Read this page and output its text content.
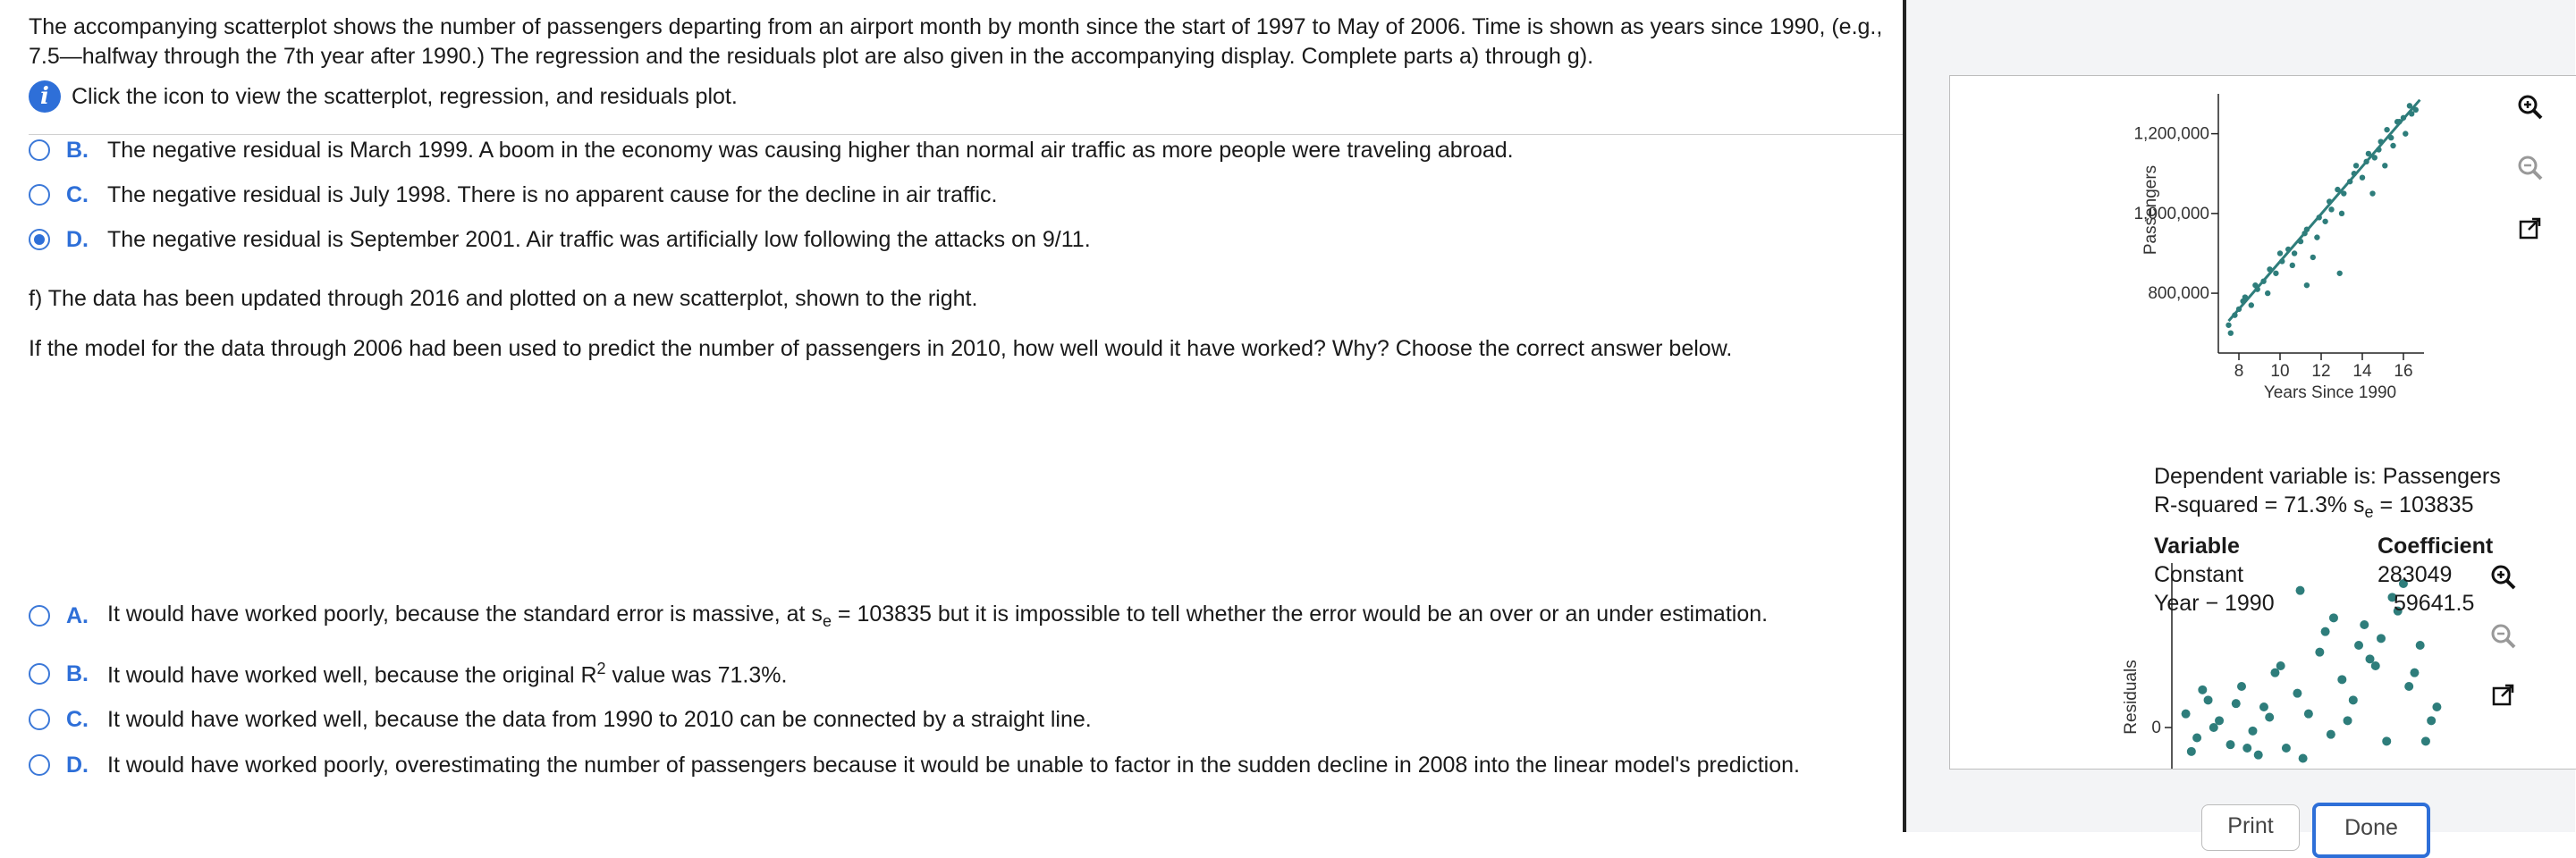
The accompanying scatterplot shows the number of passengers departing from an airport month by month since the start of 1997 to May of 2006. Time is shown as years since 1990, (e.g., 7.5—halfway through the 7th year after 1990.) The regression and the residuals plot are also given in the accompanying display. Complete parts a) through g).
i	Click the icon to view the scatterplot, regression, and residuals plot.
B. The negative residual is March 1999. A boom in the economy was causing higher than normal air traffic as more people were traveling abroad.
C. The negative residual is July 1998. There is no apparent cause for the decline in air traffic.
D. The negative residual is September 2001. Air traffic was artificially low following the attacks on 9/11.
f) The data has been updated through 2016 and plotted on a new scatterplot, shown to the right.
If the model for the data through 2006 had been used to predict the number of passengers in 2010, how well would it have worked? Why? Choose the correct answer below.
A. It would have worked poorly, because the standard error is massive, at $s_e = 103835$ but it is impossible to tell whether the error would be an over or an under estimation.
B. It would have worked well, because the original $R^2$ value was 71.3%.
C. It would have worked well, because the data from 1990 to 2010 can be connected by a straight line.
D. It would have worked poorly, overestimating the number of passengers because it would be unable to factor in the sudden decline in 2008 into the linear model's prediction.
800,000
1,000,000
1,200,000
8 10 12 14 16
Years Since 1990
Passengers
0
Residuals
Dependent variable is: Passengers
R-squared = 71.3% $s_e = 103835$
Variable	Coefficient
Constant	283049
Year − 1990	59641.5
Print	Done
